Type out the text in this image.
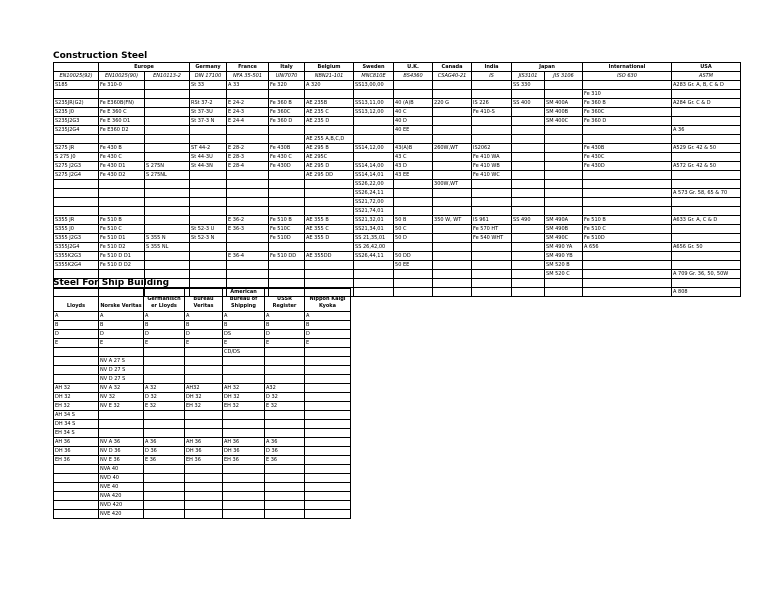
Construction Steel
	Europe		Germany	France	Italy	Belgium	Sweden	U.K.	Canada	India	Japan		International	USA
EN10025(92)	EN10025(90)	EN10113-2	DIN 17100	NFA 35-501	UNI7070	NBN21-101	MNC810E	BS4360	CSAG40-21	IS	JIS3101	JIS 3106	ISO 630	ASTM
S185	Fe 310-0		St 33	A 33	Fe 320	A 320	SS13,00,00				SS 330			A283 Gr. A, B, C & D
													Fe 310	
S235JR(G2)	Fe E360B(FN)		RSt 37-2	E 24-2	Fe 360 B	AE 235B	SS13,11,00	40 (A)B	220 G	IS 226	SS 400	SM 400A	Fe 360 B	A284 Gr. C & D
S235 J0	Fe E 360 C		St 37-3U	E 24-3	Fe 360C	AE 235 C	SS13,12,00	40 C		Fe 410-S		SM 400B	Fe 360C	
S235J2G3	Fe E 360 D1		St 37-3 N	E 24-4	Fe 360 D	AE 235 D		40 D				SM 400C	Fe 360 D	
S235J2G4	Fe E360 D2							40 EE						A 36
						AE 255 A,B,C,D								
S275 JR	Fe 430 B		ST 44-2	E 28-2	Fe 430B	AE 295 B	SS14,12,00	43(A)B	260W,WT	IS2062			Fe 430B	A529 Gr. 42 & 50
S 275 J0	Fe 430 C		St 44-3U	E 28-3	Fe 430 C	AE 295C		43 C		Fe 410 WA			Fe 430C	
S275 J2G3	Fe 430 D1	S 275N	St 44-3N	E 28-4	Fe 430D	AE 295 D	SS14,14,00	43 D		Fe 410 WB			Fe 430D	A572 Gr. 42 & 50
S275 J2G4	Fe 430 D2	S 275NL				AE 295 DD	SS14,14,01	43 EE		Fe 410 WC				
							SS26,22,00		300W,WT					
							SS26,24,11							A 573 Gr. 58, 65 & 70
							SS21,72,00							
							SS21,74,01							
S355 JR	Fe 510 B			E 36-2	Fe 510 B	AE 355 B	SS21,32,01	50 B	350 W, WT	IS 961	SS 490	SM 490A	Fe 510 B	A633 Gr. A, C & D
S355 J0	Fe 510 C		St 52-3 U	E 36-3	Fe 510C	AE 355 C	SS21,34,01	50 C		Fe 570 HT		SM 490B	Fe 510 C	
S355 J2G3	Fe 510 D1	S 355 N	St 52-3 N		Fe 510D	AE 355 D	SS 21,35,01	50 D		Fe 540 WHT		SM 490C	Fe 510D	
S355J2G4	Fe 510 D2	S 355 NL					SS 26,42,00					SM 490 YA	A 656	A656 Gr. 50
S355K2G3	Fe 510 D D1			E 36-4	Fe 510 DD	AE 355DD	SS26,44,11	50 DD				SM 490 YB		
S355K2G4	Fe 510 D D2							50 EE				SM 520 B		
												SM 520 C		A 709 Gr. 36, 50, 50W

														A 808
Steel For Ship Building
Lloyds	Norske Veritas	Germanisch er Lloyds	Bureau Veritas	American Bureau of Shipping	USSR Register	Nippon Kaigi Kyoka
A	A	A	A	A	A	A
B	B	B	B	B	B	B
D	D	D	D	DS	D	D
E	E	E	E	E	E	E
				CD/DS		
	NV A 27 S					
	NV D 27 S					
	NV D 27 S					
AH 32	NV A 32	A 32	AH32	AH 32	A32	
DH 32	NV 32	D 32	DH 32	DH 32	D 32	
EH 32	NV E 32	E 32	EH 32	EH 32	E 32	
AH 34 S						
DH 34 S						
EH 34 S						
AH 36	NV A 36	A 36	AH 36	AH 36	A 36	
DH 36	NV D 36	D 36	DH 36	DH 36	D 36	
EH 36	NV E 36	E 36	EH 36	EH 36	E 36	
	NVA 40					
	NVD 40					
	NVE 40					
	NVA 420					
	NVD 420					
	NVE 420					
